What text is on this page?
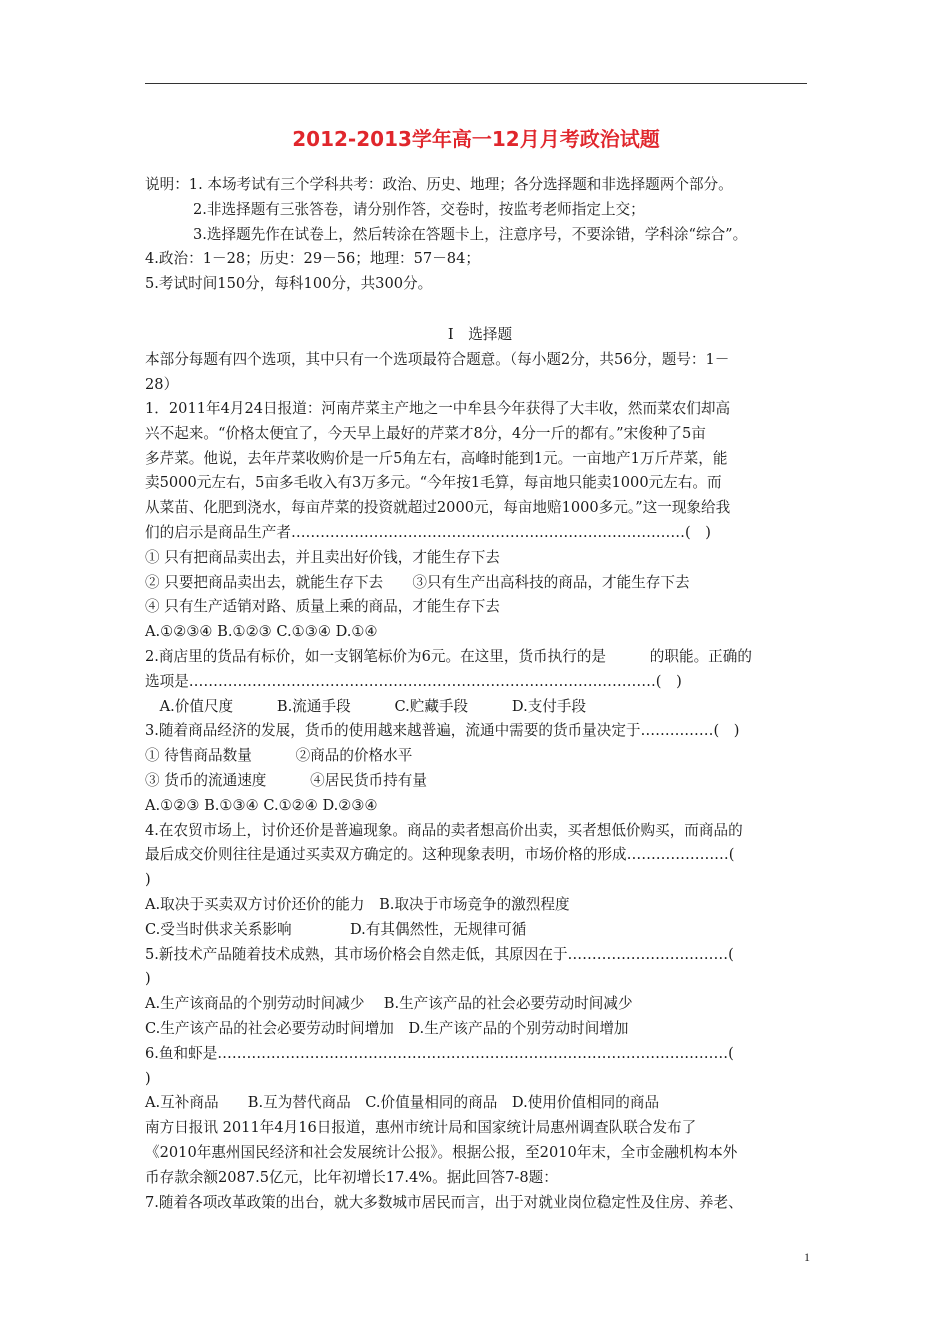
2012-2013学年高一12月月考政治试题
说明：1. 本场考试有三个学科共考：政治、历史、地理；各分选择题和非选择题两个部分。
2.非选择题有三张答卷，请分别作答，交卷时，按监考老师指定上交；
3.选择题先作在试卷上，然后转涂在答题卡上，注意序号，不要涂错，学科涂“综合”。
4.政治：1－28；历史：29－56；地理：57－84；
5.考试时间150分，每科100分，共300分。
Ⅰ　选择题
本部分每题有四个选项，其中只有一个选项最符合题意。（每小题2分，共56分，题号：1－
28）
1．2011年4月24日报道：河南芹菜主产地之一中牟县今年获得了大丰收，然而菜农们却高
兴不起来。“价格太便宜了，今天早上最好的芹菜才8分，4分一斤的都有。”宋俊种了5亩
多芹菜。他说，去年芹菜收购价是一斤5角左右，高峰时能到1元。一亩地产1万斤芹菜，能
卖5000元左右，5亩多毛收入有3万多元。“今年按1毛算，每亩地只能卖1000元左右。而
从菜苗、化肥到浇水，每亩芹菜的投资就超过2000元，每亩地赔1000多元。”这一现象给我
们的启示是商品生产者………………………………………………………………………(　)
① 只有把商品卖出去，并且卖出好价钱，才能生存下去
② 只要把商品卖出去，就能生存下去　　③只有生产出高科技的商品，才能生存下去
④ 只有生产适销对路、质量上乘的商品，才能生存下去
A.①②③④ B.①②③ C.①③④ D.①④
2.商店里的货品有标价，如一支钢笔标价为6元。在这里，货币执行的是　　　的职能。正确的
选项是……………………………………………………………………………………(　)
　A.价值尺度　　　B.流通手段　　　C.贮藏手段　　　D.支付手段
3.随着商品经济的发展，货币的使用越来越普遍，流通中需要的货币量决定于……………(　)
① 待售商品数量　　　②商品的价格水平
③ 货币的流通速度　　　④居民货币持有量
A.①②③ B.①③④ C.①②④ D.②③④
4.在农贸市场上，讨价还价是普遍现象。商品的卖者想高价出卖，买者想低价购买，而商品的
最后成交价则往往是通过买卖双方确定的。这种现象表明，市场价格的形成…………………(
)
A.取决于买卖双方讨价还价的能力　B.取决于市场竞争的激烈程度
C.受当时供求关系影响　　　　D.有其偶然性，无规律可循
5.新技术产品随着技术成熟，其市场价格会自然走低，其原因在于……………………………(
)
A.生产该商品的个别劳动时间减少　 B.生产该产品的社会必要劳动时间减少
C.生产该产品的社会必要劳动时间增加　D.生产该产品的个别劳动时间增加
6.鱼和虾是……………………………………………………………………………………………(
)
A.互补商品　　B.互为替代商品　C.价值量相同的商品　D.使用价值相同的商品
南方日报讯 2011年4月16日报道，惠州市统计局和国家统计局惠州调查队联合发布了
《2010年惠州国民经济和社会发展统计公报》。根据公报，至2010年末，全市金融机构本外
币存款余额2087.5亿元，比年初增长17.4%。据此回答7-8题：
7.随着各项改革政策的出台，就大多数城市居民而言，出于对就业岗位稳定性及住房、养老、
1
